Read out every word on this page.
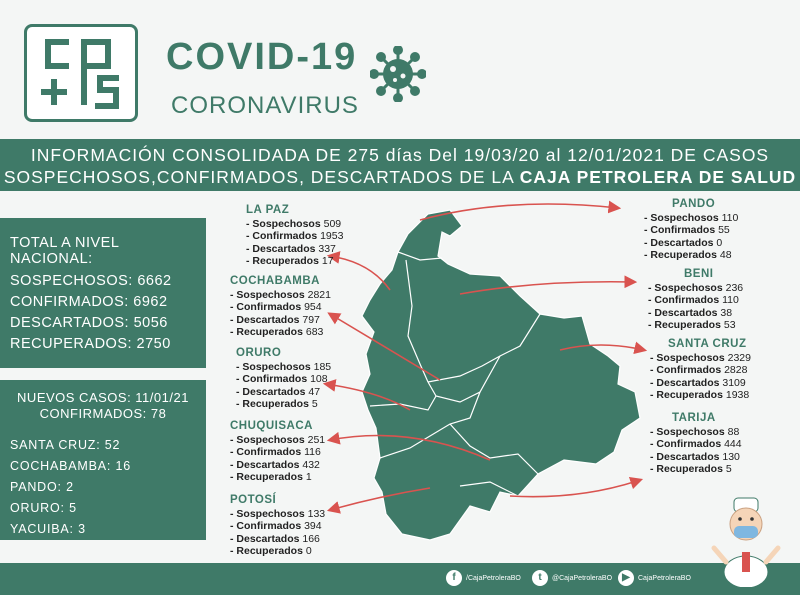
COVID-19
CORONAVIRUS
INFORMACIÓN CONSOLIDADA DE 275 días Del 19/03/20 al 12/01/2021 DE CASOS
SOSPECHOSOS,CONFIRMADOS, DESCARTADOS DE LA CAJA PETROLERA DE SALUD
TOTAL A NIVEL NACIONAL:
SOSPECHOSOS: 6662
CONFIRMADOS: 6962
DESCARTADOS: 5056
RECUPERADOS: 2750
NUEVOS CASOS: 11/01/21
CONFIRMADOS: 78
SANTA CRUZ: 52
COCHABAMBA: 16
PANDO: 2
ORURO: 5
YACUIBA: 3
LA PAZ
- Sospechosos 509
- Confirmados 1953
- Descartados 337
- Recuperados 17
COCHABAMBA
- Sospechosos 2821
- Confirmados 954
- Descartados 797
- Recuperados 683
ORURO
- Sospechosos 185
- Confirmados 108
- Descartados 47
- Recuperados 5
CHUQUISACA
- Sospechosos 251
- Confirmados 116
- Descartados 432
- Recuperados 1
POTOSÍ
- Sospechosos 133
- Confirmados 394
- Descartados 166
- Recuperados 0
PANDO
- Sospechosos 110
- Confirmados 55
- Descartados 0
- Recuperados 48
BENI
- Sospechosos 236
- Confirmados 110
- Descartados 38
- Recuperados 53
SANTA CRUZ
- Sospechosos 2329
- Confirmados 2828
- Descartados 3109
- Recuperados 1938
TARIJA
- Sospechosos 88
- Confirmados 444
- Descartados 130
- Recuperados 5
f	/CajaPetroleraBO	t	@CajaPetroleraBO	▶	CajaPetroleraBO
